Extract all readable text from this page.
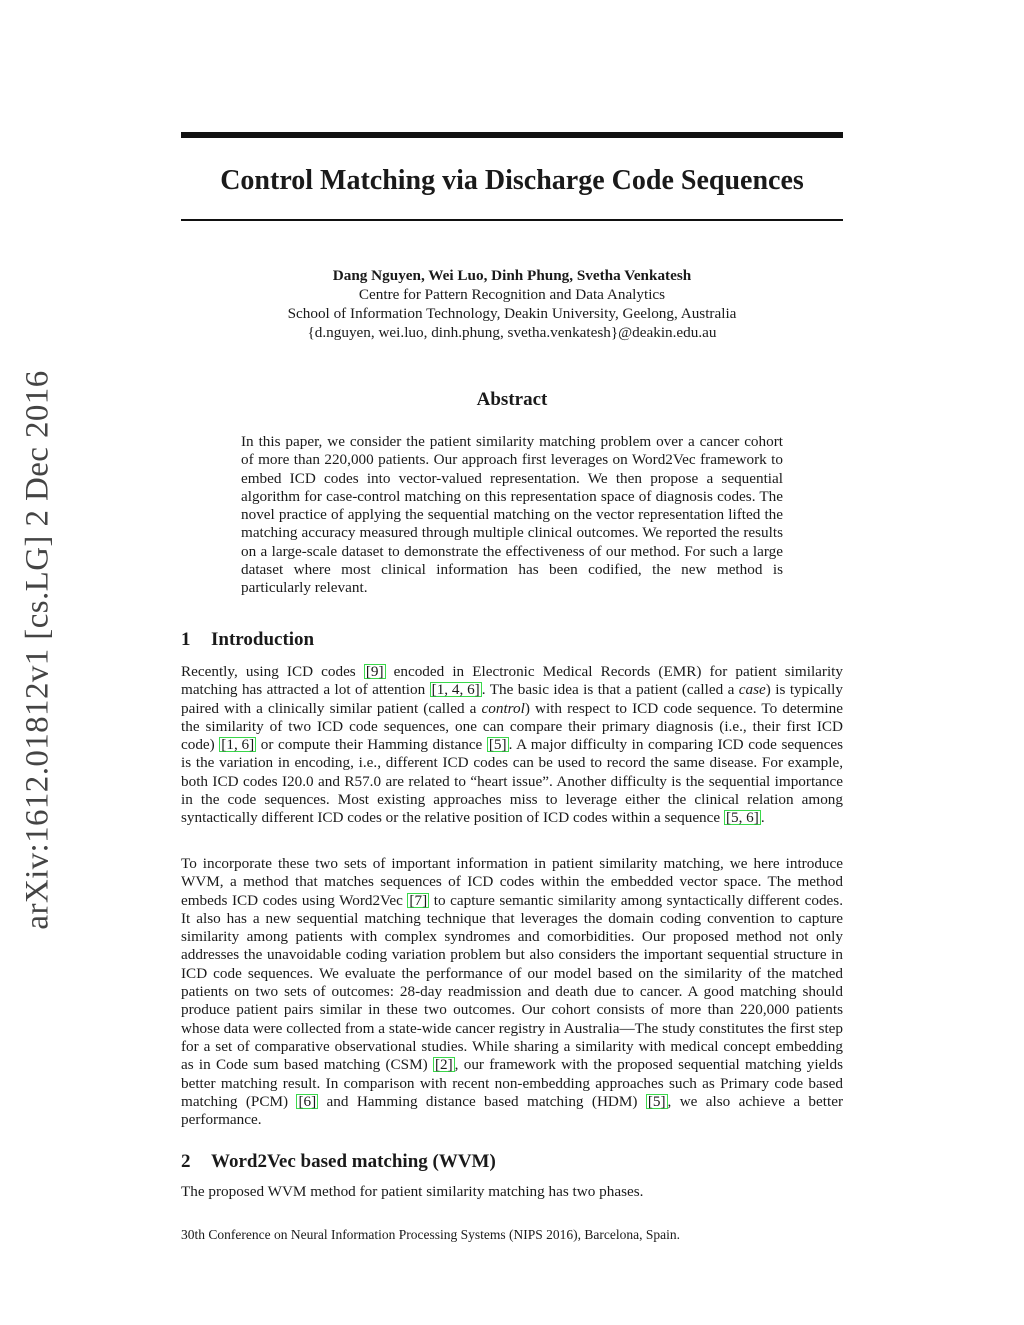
arXiv:1612.01812v1 [cs.LG] 2 Dec 2016
Control Matching via Discharge Code Sequences
Dang Nguyen, Wei Luo, Dinh Phung, Svetha Venkatesh
Centre for Pattern Recognition and Data Analytics
School of Information Technology, Deakin University, Geelong, Australia
{d.nguyen, wei.luo, dinh.phung, svetha.venkatesh}@deakin.edu.au
Abstract
In this paper, we consider the patient similarity matching problem over a cancer cohort of more than 220,000 patients. Our approach first leverages on Word2Vec framework to embed ICD codes into vector-valued representation. We then propose a sequential algorithm for case-control matching on this representation space of diagnosis codes. The novel practice of applying the sequential matching on the vector representation lifted the matching accuracy measured through multiple clinical outcomes. We reported the results on a large-scale dataset to demonstrate the effectiveness of our method. For such a large dataset where most clinical information has been codified, the new method is particularly relevant.
1 Introduction
Recently, using ICD codes [9] encoded in Electronic Medical Records (EMR) for patient similarity matching has attracted a lot of attention [1, 4, 6] . The basic idea is that a patient (called a case) is typically paired with a clinically similar patient (called a control) with respect to ICD code sequence. To determine the similarity of two ICD code sequences, one can compare their primary diagnosis (i.e., their first ICD code) [1, 6] or compute their Hamming distance [5] . A major difficulty in comparing ICD code sequences is the variation in encoding, i.e., different ICD codes can be used to record the same disease. For example, both ICD codes I20.0 and R57.0 are related to “heart issue”. Another difficulty is the sequential importance in the code sequences. Most existing approaches miss to leverage either the clinical relation among syntactically different ICD codes or the relative position of ICD codes within a sequence [5, 6] .
To incorporate these two sets of important information in patient similarity matching, we here introduce WVM, a method that matches sequences of ICD codes within the embedded vector space. The method embeds ICD codes using Word2Vec [7] to capture semantic similarity among syntactically different codes. It also has a new sequential matching technique that leverages the domain coding convention to capture similarity among patients with complex syndromes and comorbidities. Our proposed method not only addresses the unavoidable coding variation problem but also considers the important sequential structure in ICD code sequences. We evaluate the performance of our model based on the similarity of the matched patients on two sets of outcomes: 28-day readmission and death due to cancer. A good matching should produce patient pairs similar in these two outcomes. Our cohort consists of more than 220,000 patients whose data were collected from a state-wide cancer registry in Australia—The study constitutes the first step for a set of comparative observational studies. While sharing a similarity with medical concept embedding as in Code sum based matching (CSM) [2] , our framework with the proposed sequential matching yields better matching result. In comparison with recent non-embedding approaches such as Primary code based matching (PCM) [6] and Hamming distance based matching (HDM) [5] , we also achieve a better performance.
2 Word2Vec based matching (WVM)
The proposed WVM method for patient similarity matching has two phases.
30th Conference on Neural Information Processing Systems (NIPS 2016), Barcelona, Spain.
